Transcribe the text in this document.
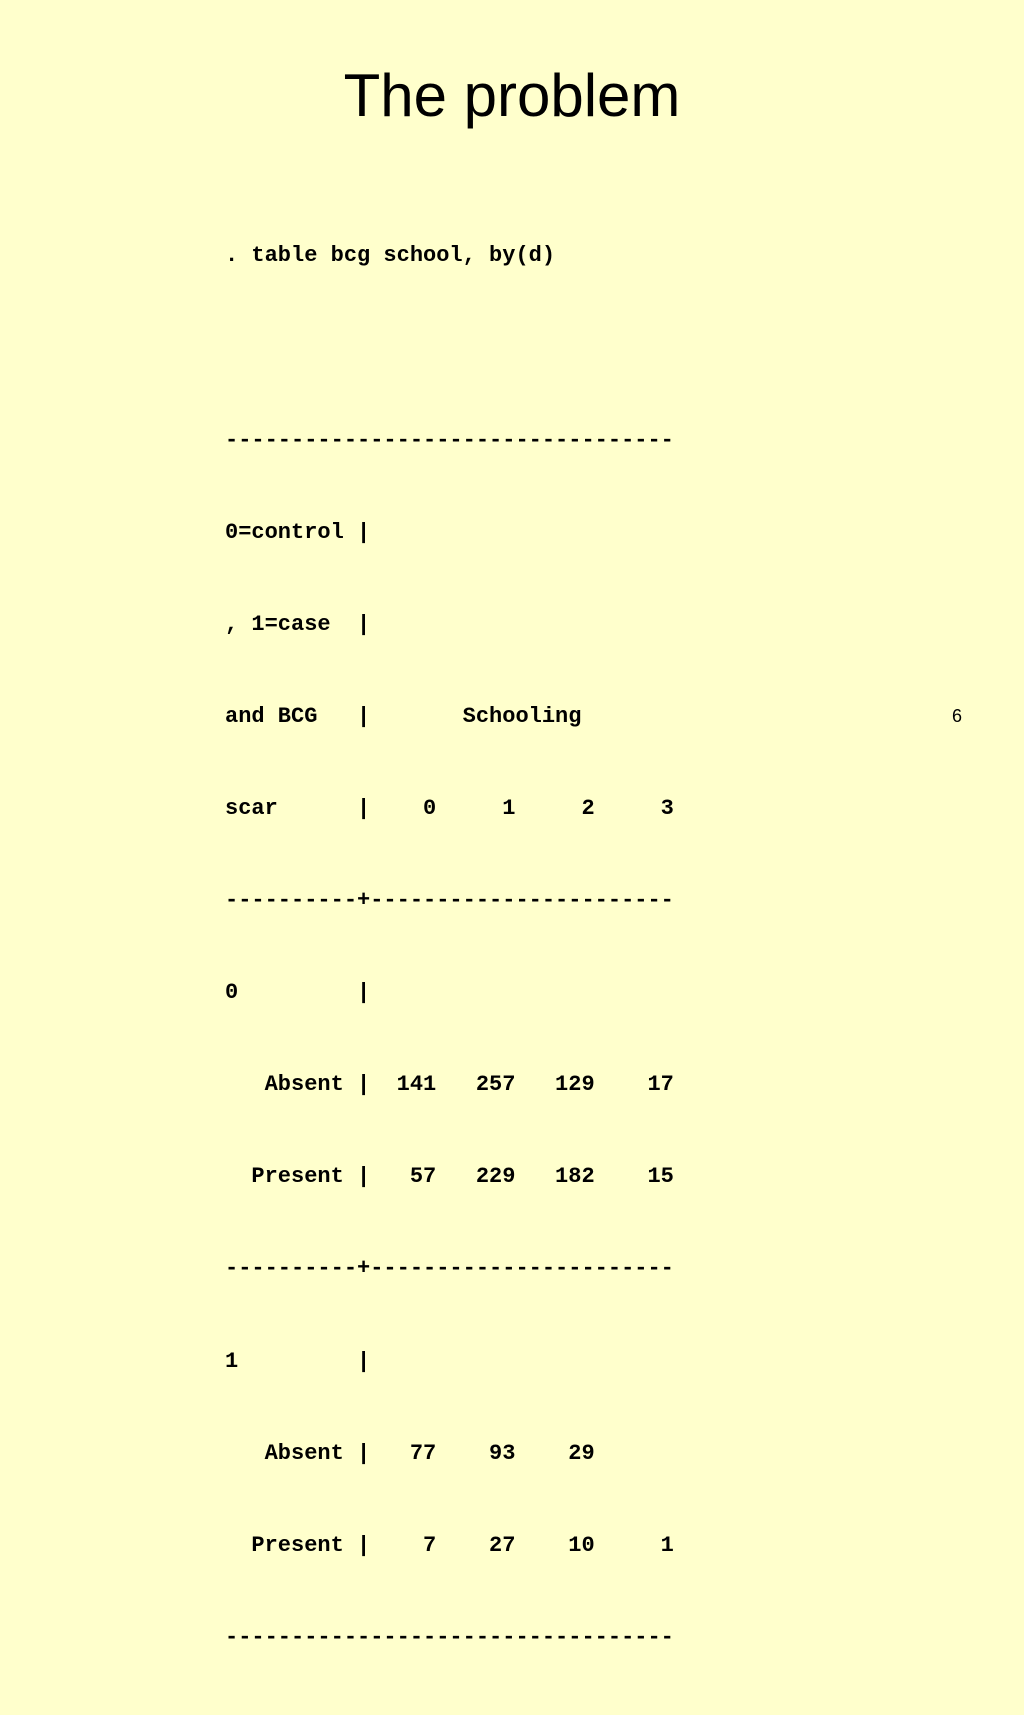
The problem

. table bcg school, by(d)

----------------------------------

0=control |

, 1=case  |

and BCG   |       Schooling

scar      |    0     1     2     3

----------+-----------------------

0         |

Absent |  141   257   129    17

Present |   57   229   182    15

----------+-----------------------

1         |

Absent |   77    93    29

Present |    7    27    10     1

----------------------------------

6
